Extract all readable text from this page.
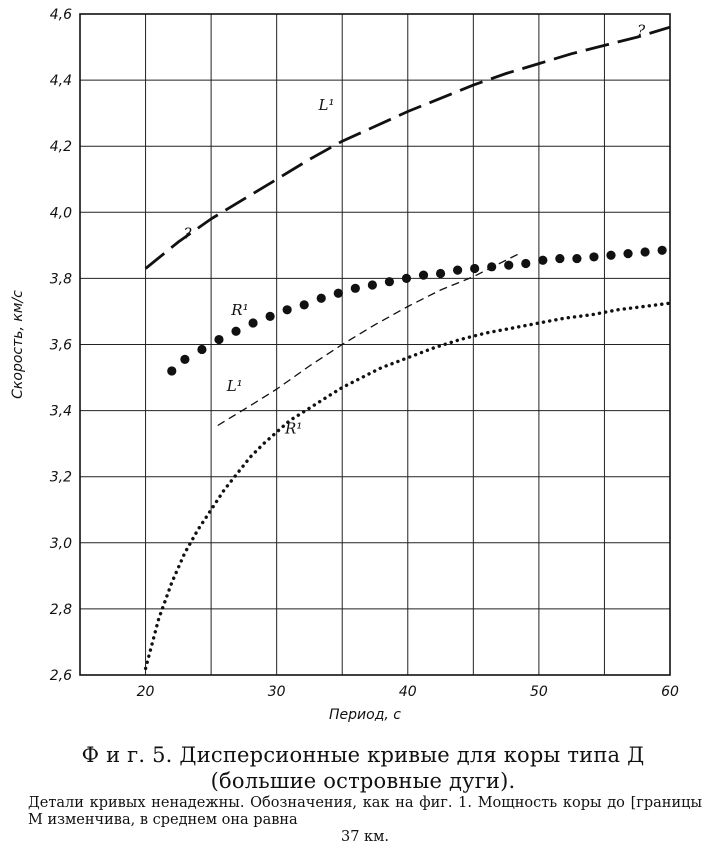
2,6
2,8
3,0
3,2
3,4
3,6
3,8
4,0
4,2
4,4
4,6
20	30	40	50	60
?
?
L¹
R¹
L¹
R¹
Период, с
Скорость, км/с
Ф и г. 5. Дисперсионные кривые для коры типа Д (большие островные дуги).
Детали кривых ненадежны. Обозначения, как на фиг. 1. Мощность коры до [границы М изменчива, в среднем она равна
37 км.
